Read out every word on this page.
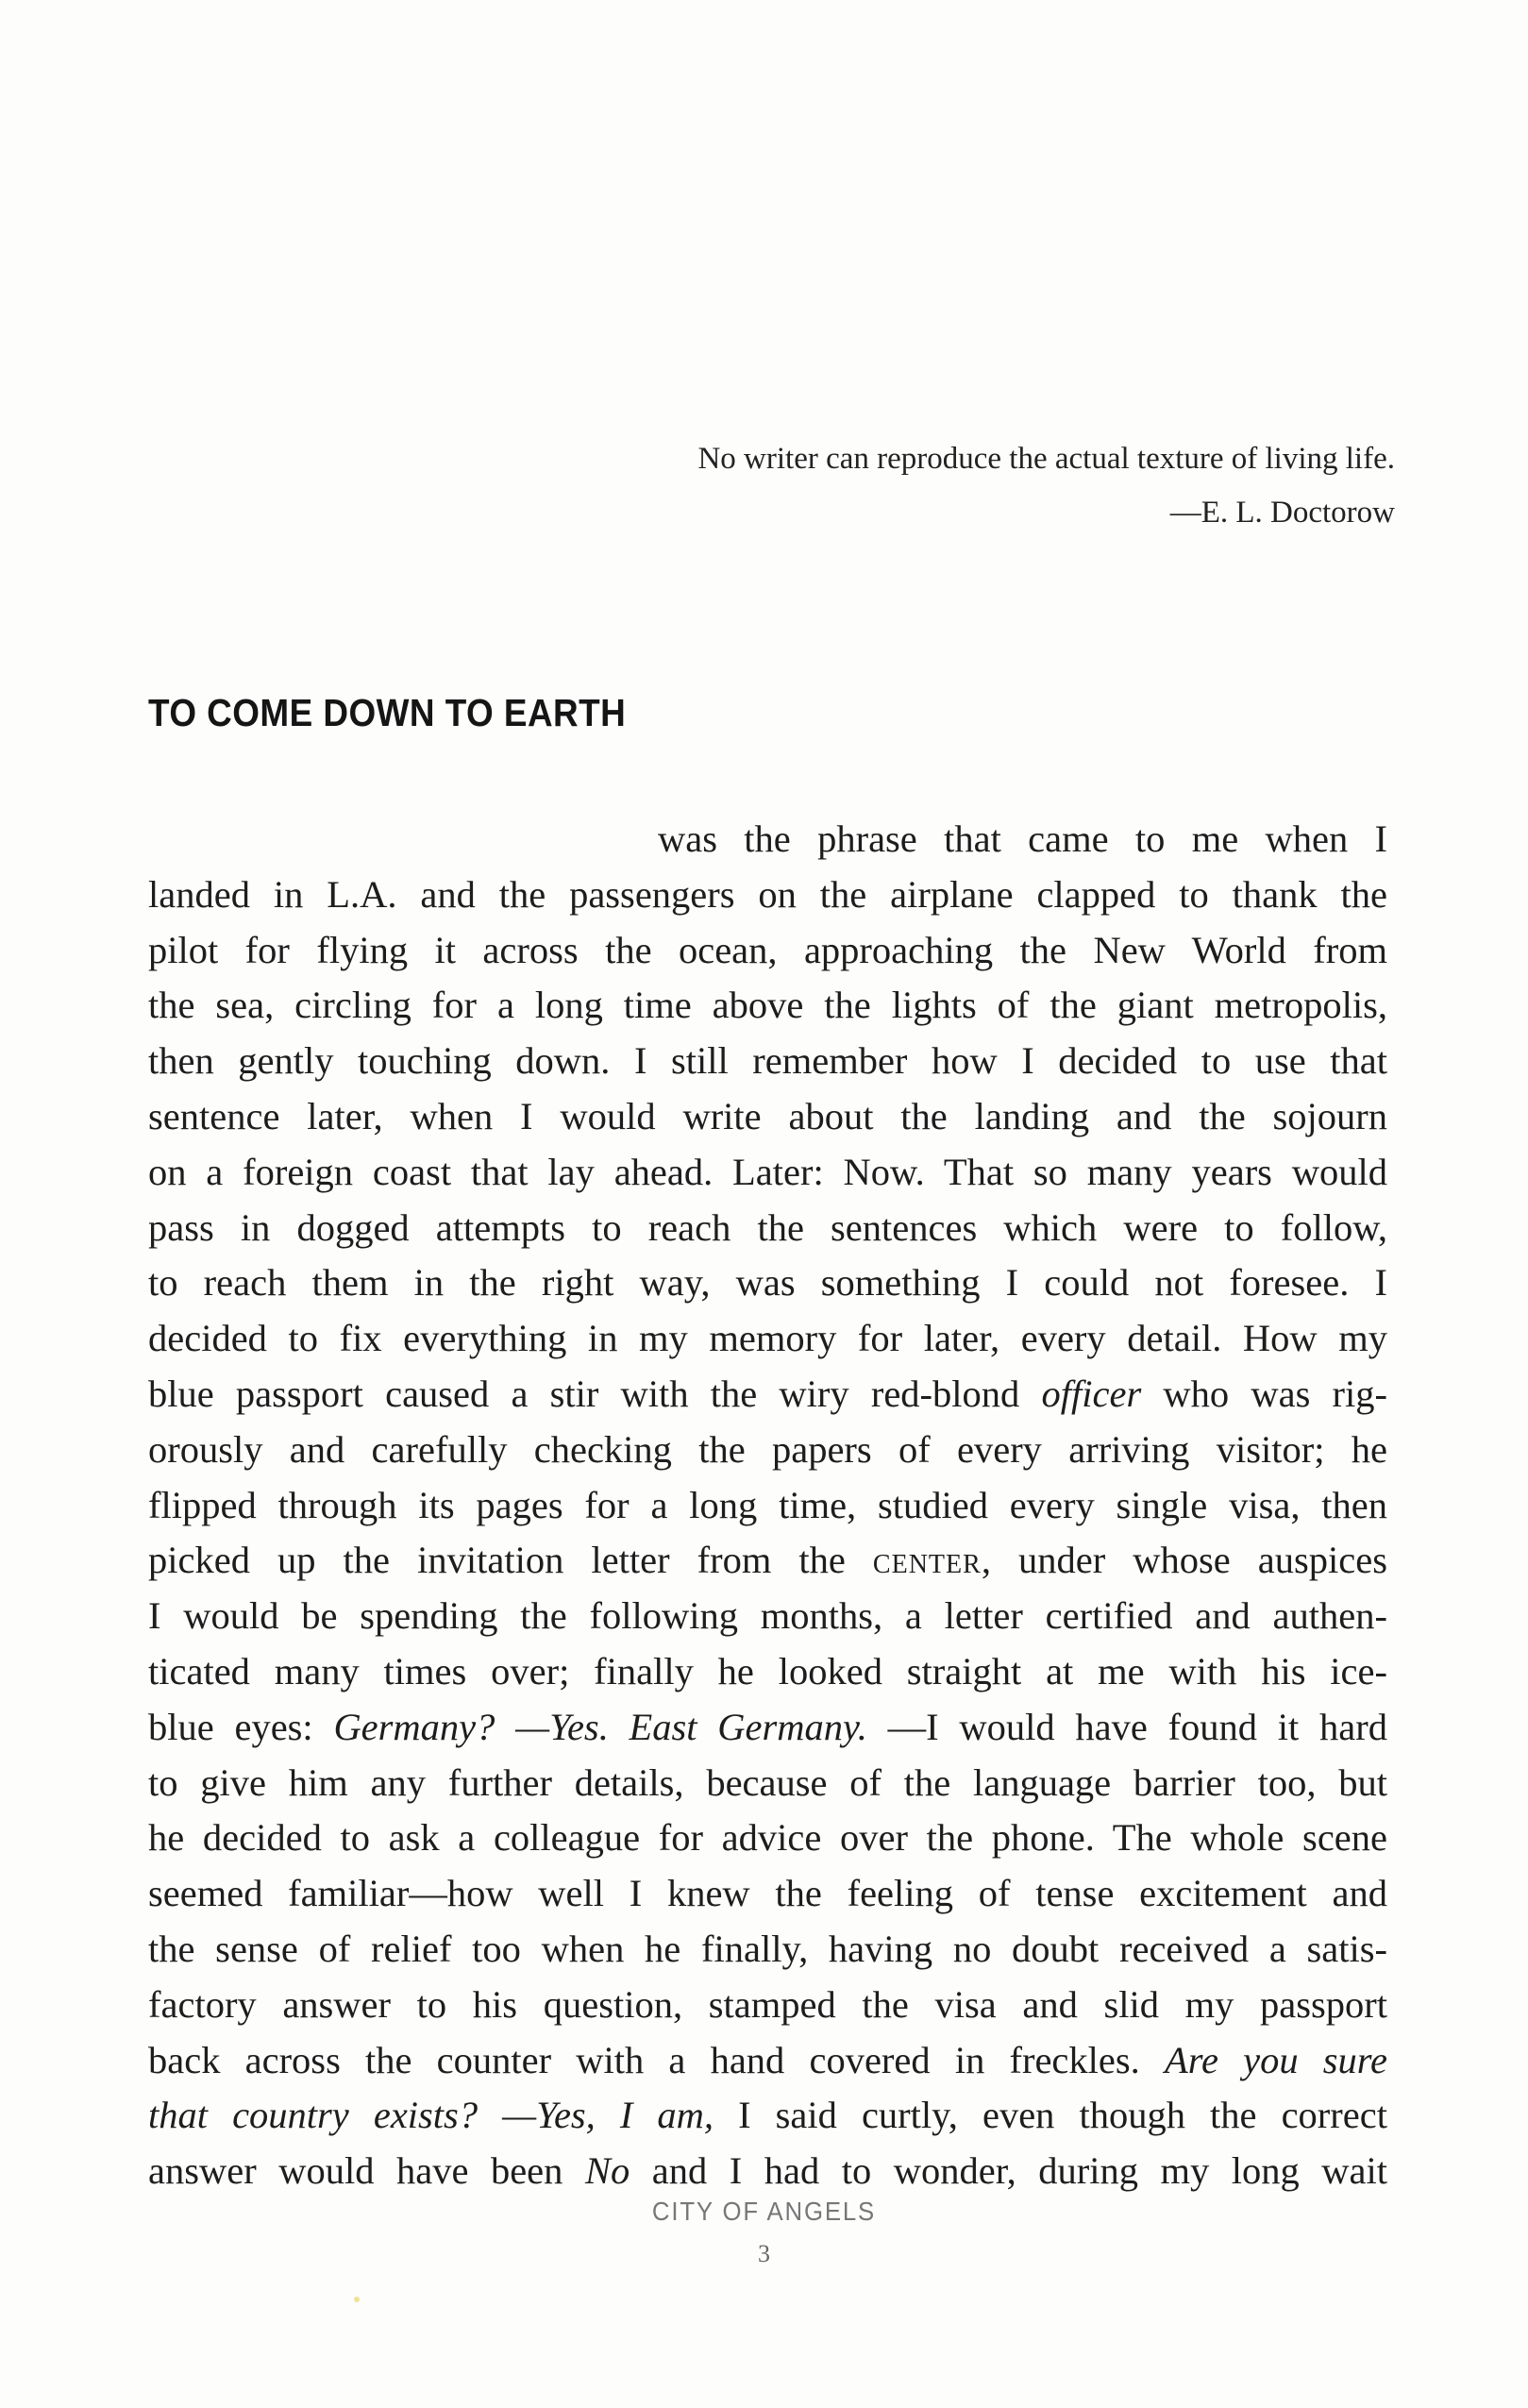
No writer can reproduce the actual texture of living life.
—E. L. Doctorow
TO COME DOWN TO EARTH
was the phrase that came to me when I
landed in L.A. and the passengers on the airplane clapped to thank the
pilot for flying it across the ocean, approaching the New World from
the sea, circling for a long time above the lights of the giant metropolis,
then gently touching down. I still remember how I decided to use that
sentence later, when I would write about the landing and the sojourn
on a foreign coast that lay ahead. Later: Now. That so many years would
pass in dogged attempts to reach the sentences which were to follow,
to reach them in the right way, was something I could not foresee. I
decided to fix everything in my memory for later, every detail. How my
blue passport caused a stir with the wiry red-blond officer who was rig-
orously and carefully checking the papers of every arriving visitor; he
flipped through its pages for a long time, studied every single visa, then
picked up the invitation letter from the center, under whose auspices
I would be spending the following months, a letter certified and authen-
ticated many times over; finally he looked straight at me with his ice-
blue eyes: Germany? —Yes. East Germany. —I would have found it hard
to give him any further details, because of the language barrier too, but
he decided to ask a colleague for advice over the phone. The whole scene
seemed familiar—how well I knew the feeling of tense excitement and
the sense of relief too when he finally, having no doubt received a satis-
factory answer to his question, stamped the visa and slid my passport
back across the counter with a hand covered in freckles. Are you sure
that country exists? —Yes, I am, I said curtly, even though the correct
answer would have been No and I had to wonder, during my long wait
CITY OF ANGELS
3
